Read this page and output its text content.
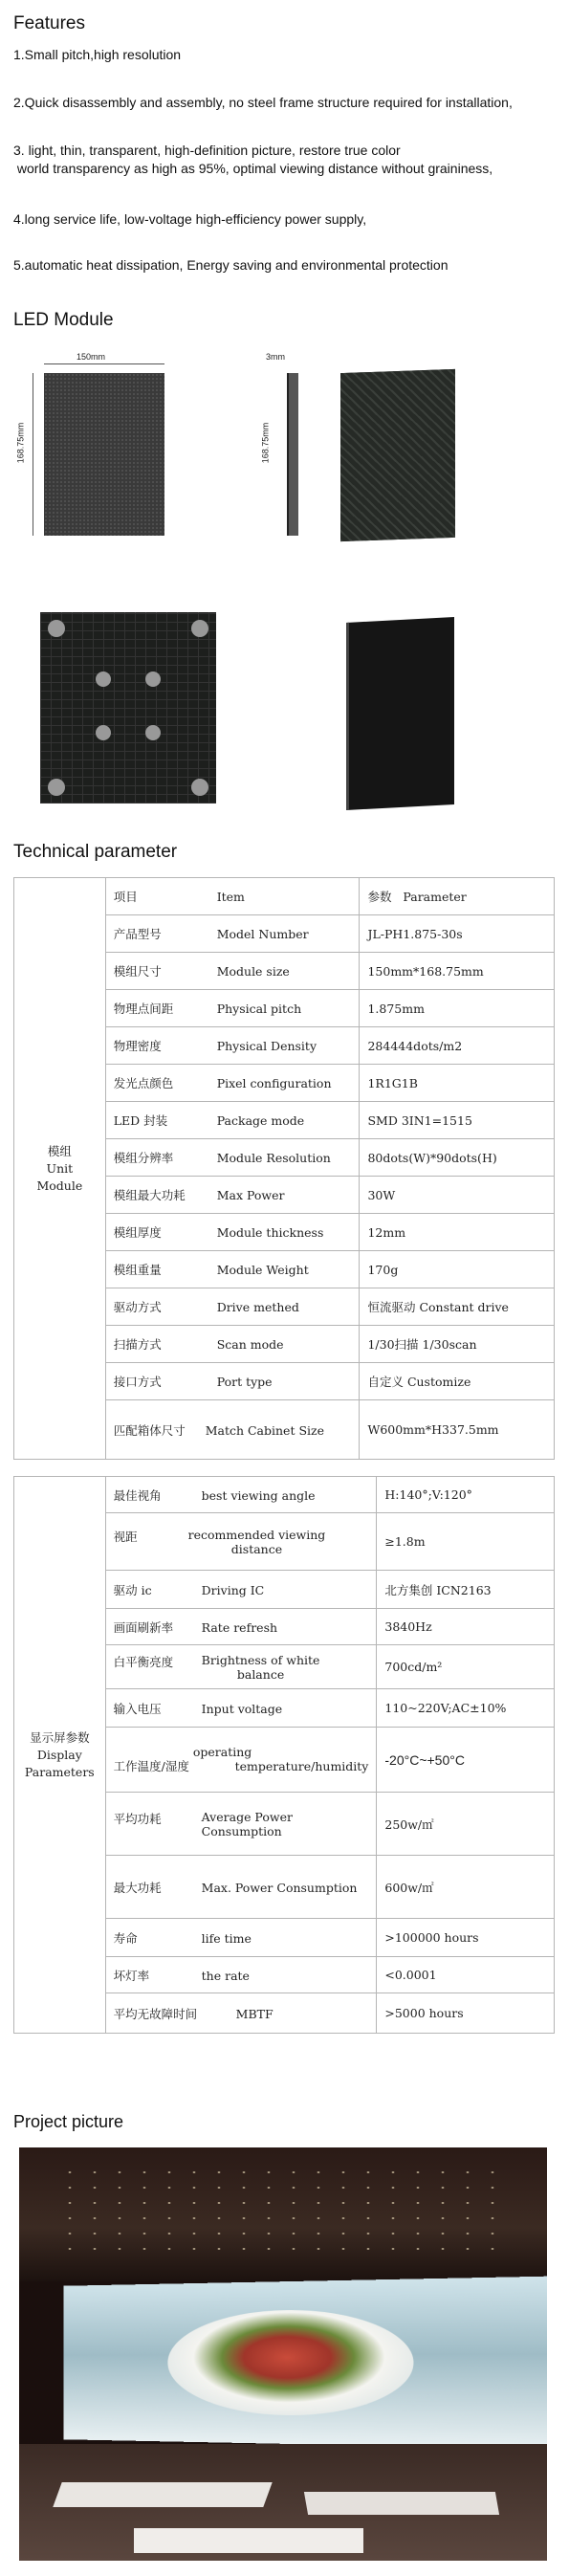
Features

1.Small pitch,high resolution

2.Quick disassembly and assembly, no steel frame structure required for installation,

3. light, thin, transparent, high-definition picture, restore true color

world transparency as high as 95%, optimal viewing distance without graininess,

4.long service life, low-voltage high-efficiency power supply,

5.automatic heat dissipation, Energy saving and environmental protection

LED Module
150mm
168.75mm
3mm
168.75mm
Technical parameter
模组
Unit Module	项目 Item	参数 Parameter
	产品型号 Model Number	JL-PH1.875-30s
	模组尺寸 Module size	150mm*168.75mm
	物理点间距 Physical pitch	1.875mm
	物理密度 Physical Density	284444dots/m2
	发光点颜色 Pixel configuration	1R1G1B
	LED 封装 Package mode	SMD 3IN1=1515
	模组分辨率 Module Resolution	80dots(W)*90dots(H)
	模组最大功耗 Max Power	30W
	模组厚度 Module thickness	12mm
	模组重量 Module Weight	170g
	驱动方式 Drive methed	恒流驱动 Constant drive
	扫描方式 Scan mode	1/30扫描 1/30scan
	接口方式 Port type	自定义 Customize
	匹配箱体尺寸 Match Cabinet Size	W600mm*H337.5mm
显示屏参数
Display
Parameters	最佳视角 best viewing angle	H:140°;V:120°
	视距 recommended viewing
distance	≥1.8m
	驱动 ic Driving IC	北方集创 ICN2163
	画面刷新率 Rate refresh	3840Hz
	白平衡亮度 Brightness of white
balance	700cd/m²
	输入电压 Input voltage	110~220V;AC±10%
	工作温度/湿度 operating
temperature/humidity	-20°C~+50°C
	平均功耗 Average Power
Consumption	250w/㎡
	最大功耗 Max. Power Consumption	600w/㎡
	寿命 life time	>100000 hours
	坏灯率 the rate	<0.0001
	平均无故障时间 MBTF	>5000 hours
Project picture
